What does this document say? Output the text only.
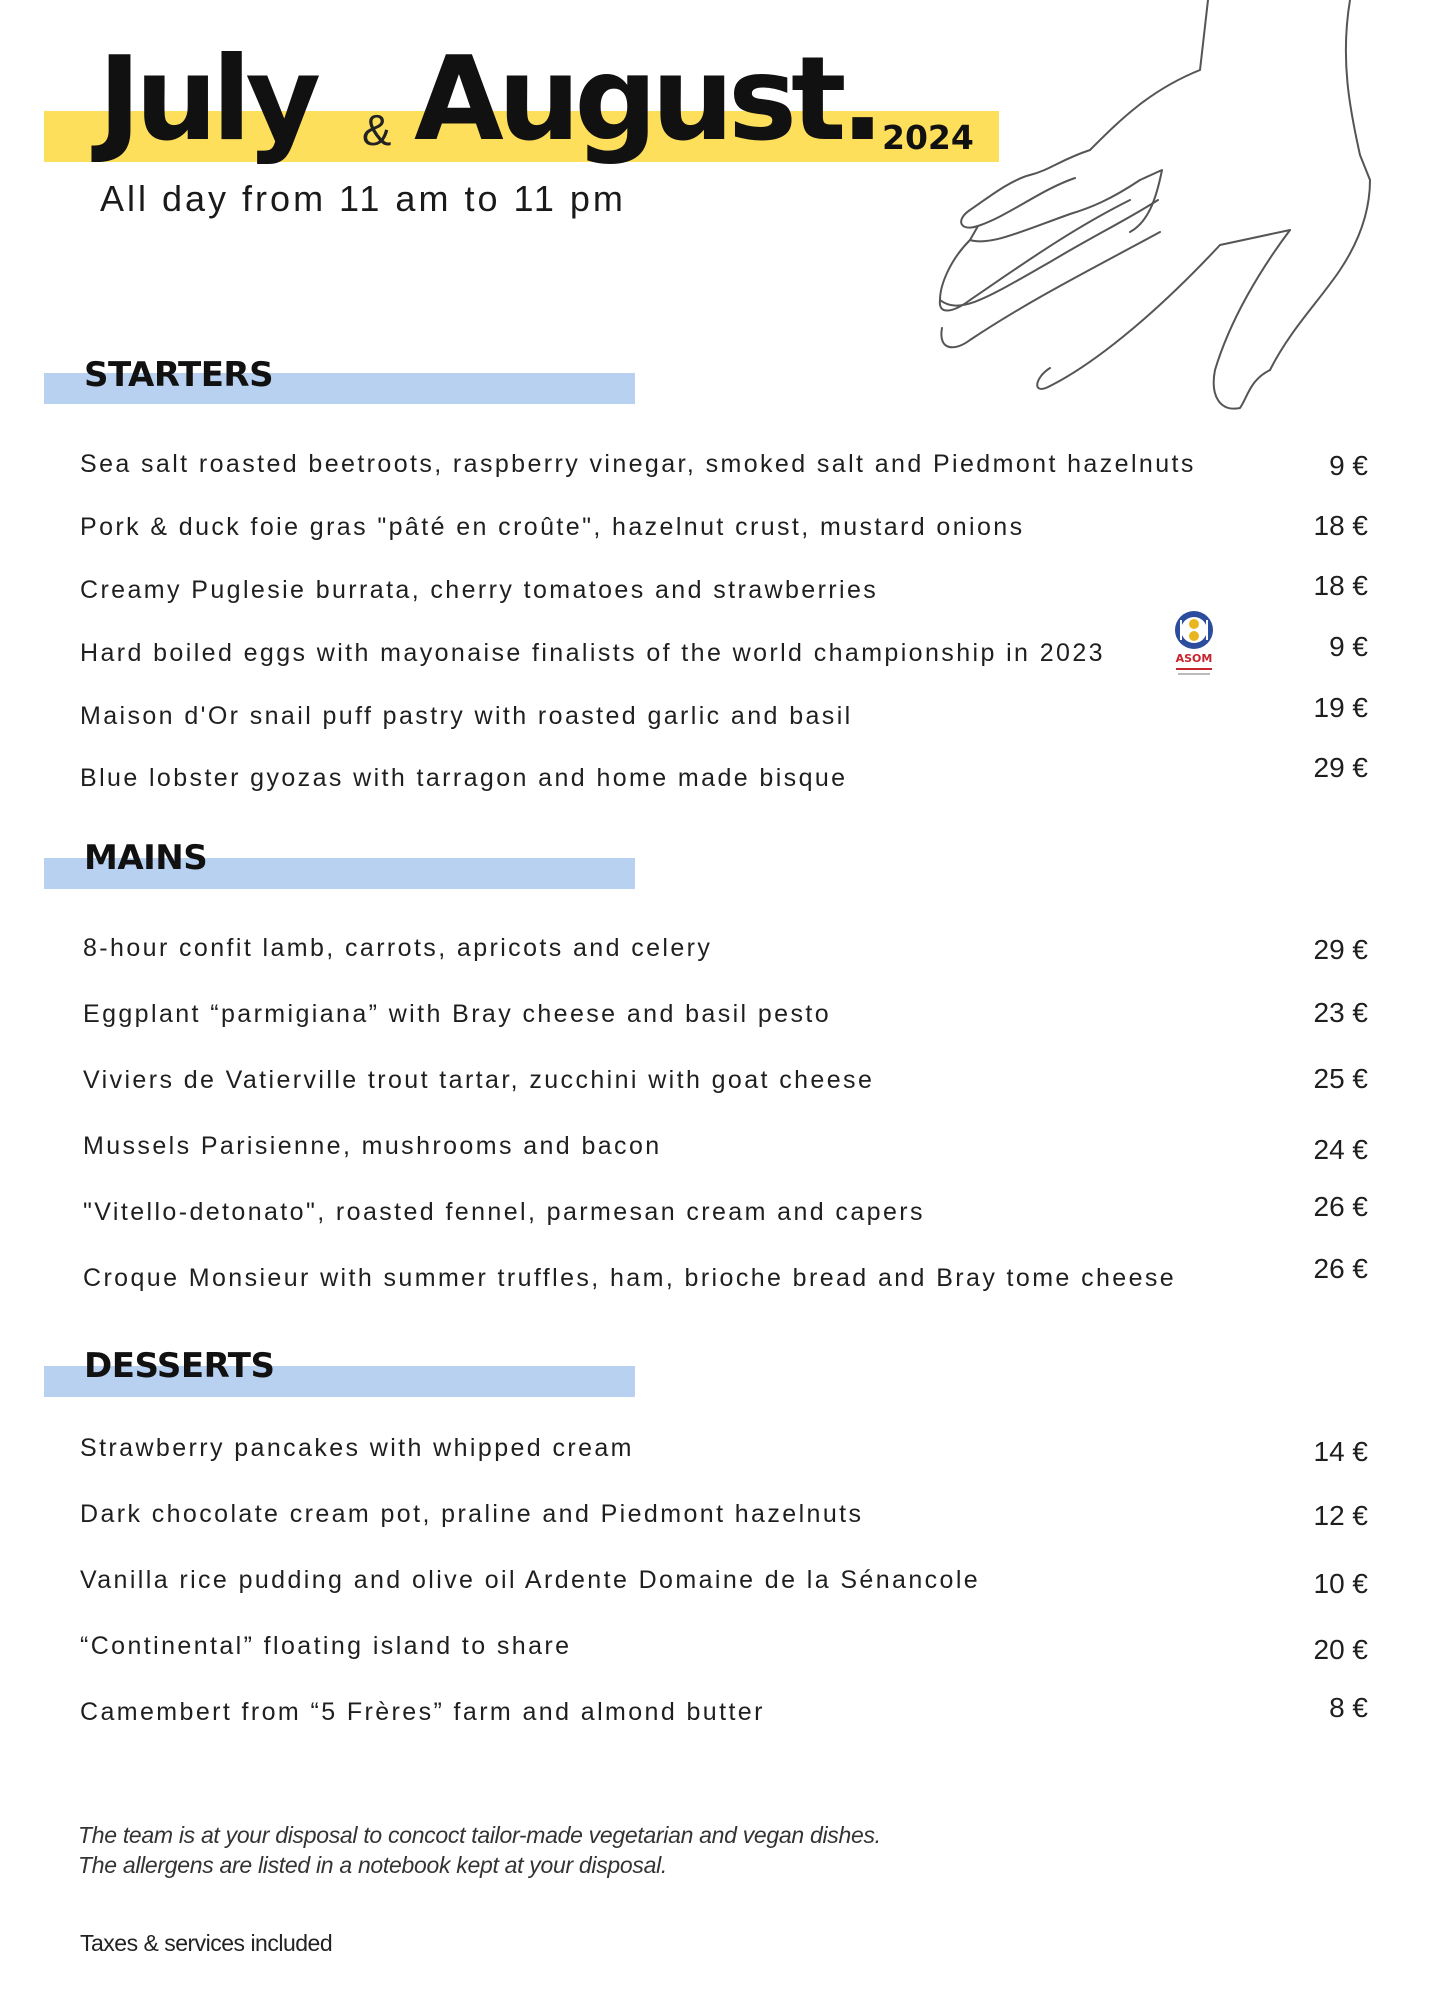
July & August. 2024
All day from 11 am to 11 pm
STARTERS
Sea salt roasted beetroots, raspberry vinegar, smoked salt and Piedmont hazelnuts	9 €
Pork & duck foie gras "pâté en croûte", hazelnut crust, mustard onions	18 €
Creamy Puglesie burrata, cherry tomatoes and strawberries	18 €
Hard boiled eggs with mayonaise finalists of the world championship in 2023	9 €
ASOM
Maison d'Or snail puff pastry with roasted garlic and basil	19 €
Blue lobster gyozas with tarragon and home made bisque	29 €
MAINS
8-hour confit lamb, carrots, apricots and celery	29 €
Eggplant “parmigiana” with Bray cheese and basil pesto	23 €
Viviers de Vatierville trout tartar, zucchini with goat cheese	25 €
Mussels Parisienne, mushrooms and bacon	24 €
"Vitello-detonato", roasted fennel, parmesan cream and capers	26 €
Croque Monsieur with summer truffles, ham, brioche bread and Bray tome cheese	26 €
DESSERTS
Strawberry pancakes with whipped cream	14 €
Dark chocolate cream pot, praline and Piedmont hazelnuts	12 €
Vanilla rice pudding and olive oil Ardente Domaine de la Sénancole	10 €
“Continental” floating island to share	20 €
Camembert from “5 Frères” farm and almond butter	8 €
The team is at your disposal to concoct tailor-made vegetarian and vegan dishes.
The allergens are listed in a notebook kept at your disposal.
Taxes & services included
